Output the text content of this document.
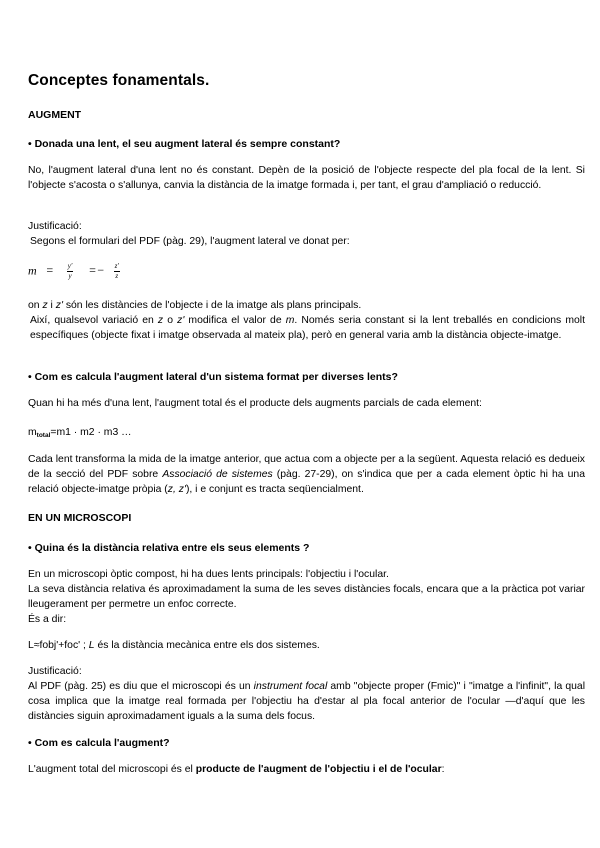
Conceptes fonamentals.
AUGMENT
• Donada una lent, el seu augment lateral és sempre constant?

No, l'augment lateral d'una lent no és constant. Depèn de la posició de l'objecte respecte del pla focal de la lent. Si l'objecte s'acosta o s'allunya, canvia la distància de la imatge formada i, per tant, el grau d'ampliació o reducció.

Justificació:

Segons el formulari del PDF (pàg. 29), l'augment lateral ve donat per:

$m = \frac{y'}{y} =- \frac{z'}{z}$

on z i z' són les distàncies de l'objecte i de la imatge als plans principals.

Així, qualsevol variació en z o z' modifica el valor de m. Només seria constant si la lent treballés en condicions molt específiques (objecte fixat i imatge observada al mateix pla), però en general varia amb la distància objecte-imatge.

• Com es calcula l'augment lateral d'un sistema format per diverses lents?

Quan hi ha més d'una lent, l'augment total és el producte dels augments parcials de cada element:

$m_{total}=m1 \cdot m2 \cdot m3$ …

Cada lent transforma la mida de la imatge anterior, que actua com a objecte per a la següent. Aquesta relació es dedueix de la secció del PDF sobre Associació de sistemes (pàg. 27-29), on s'indica que per a cada element òptic hi ha una relació objecte-imatge pròpia (z, z'), i e conjunt es tracta seqüencialment.

EN UN MICROSCOPI
• Quina és la distància relativa entre els seus elements ?

En un microscopi òptic compost, hi ha dues lents principals: l'objectiu i l'ocular.

La seva distància relativa és aproximadament la suma de les seves distàncies focals, encara que a la pràctica pot variar lleugerament per permetre un enfoc correcte.

És a dir:

L≈fobj'+foc' ; L és la distància mecànica entre els dos sistemes.

Justificació:

Al PDF (pàg. 25) es diu que el microscopi és un instrument focal amb "objecte proper (Fmic)" i "imatge a l'infinit", la qual cosa implica que la imatge real formada per l'objectiu ha d'estar al pla focal anterior de l'ocular —d'aquí que les distàncies siguin aproximadament iguals a la suma dels focus.

• Com es calcula l'augment?

L'augment total del microscopi és el producte de l'augment de l'objectiu i el de l'ocular:
